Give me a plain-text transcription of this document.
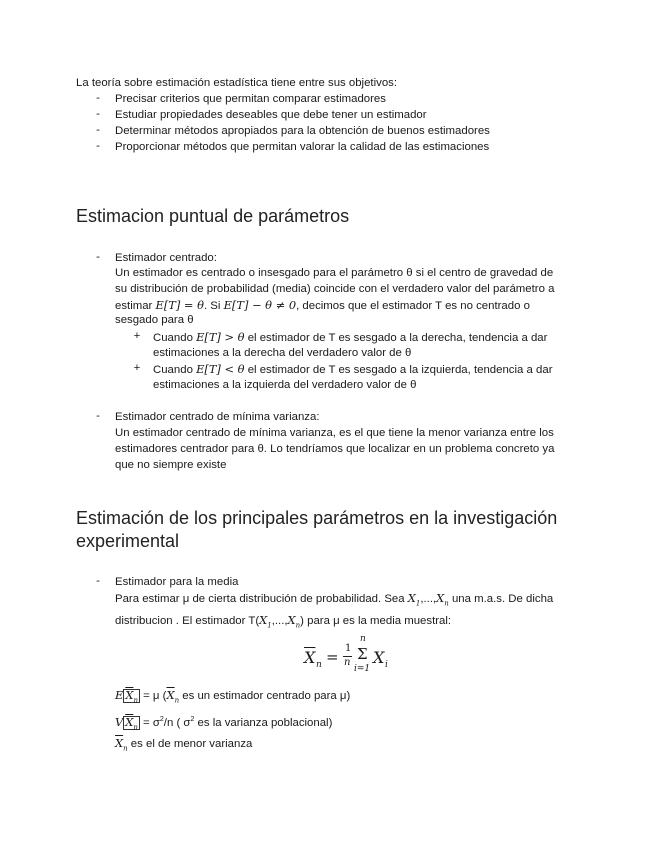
La teoría sobre estimación estadística tiene entre sus objetivos:
- Precisar criterios que permitan comparar estimadores
- Estudiar propiedades deseables que debe tener un estimador
- Determinar métodos apropiados para la obtención de buenos estimadores
- Proporcionar métodos que permitan valorar la calidad de las estimaciones
Estimacion puntual de parámetros
- Estimador centrado:
Un estimador es centrado o insesgado para el parámetro θ si el centro de gravedad de
su distribución de probabilidad (media) coincide con el verdadero valor del parámetro a
estimar E[T] = θ. Si E[T] − θ ≠ 0, decimos que el estimador T es no centrado o
sesgado para θ
+ Cuando E[T] > θ el estimador de T es sesgado a la derecha, tendencia a dar
estimaciones a la derecha del verdadero valor de θ
+ Cuando E[T] < θ el estimador de T es sesgado a la izquierda, tendencia a dar
estimaciones a la izquierda del verdadero valor de θ
- Estimador centrado de mínima varianza:
Un estimador centrado de mínima varianza, es el que tiene la menor varianza entre los
estimadores centrador para θ. Lo tendríamos que localizar en un problema concreto ya
que no siempre existe
Estimación de los principales parámetros en la investigación
experimental
- Estimador para la media
Para estimar μ de cierta distribución de probabilidad. Sea $X_1,...,X_n$ una m.a.s. De dicha
distribucion . El estimador $T(X_1,...,X_n)$ para μ es la media muestral:
$\overline{X}$ n = 1
n
n
Σ
i=1
X i
E $\overline{X}_n = \mu$ ($\overline{X}_n$ es un estimador centrado para μ)
V $\overline{X}_n = \sigma^2/n$ ( $\sigma^2$ es la varianza poblacional)
$\overline{X}_n$ es el de menor varianza
